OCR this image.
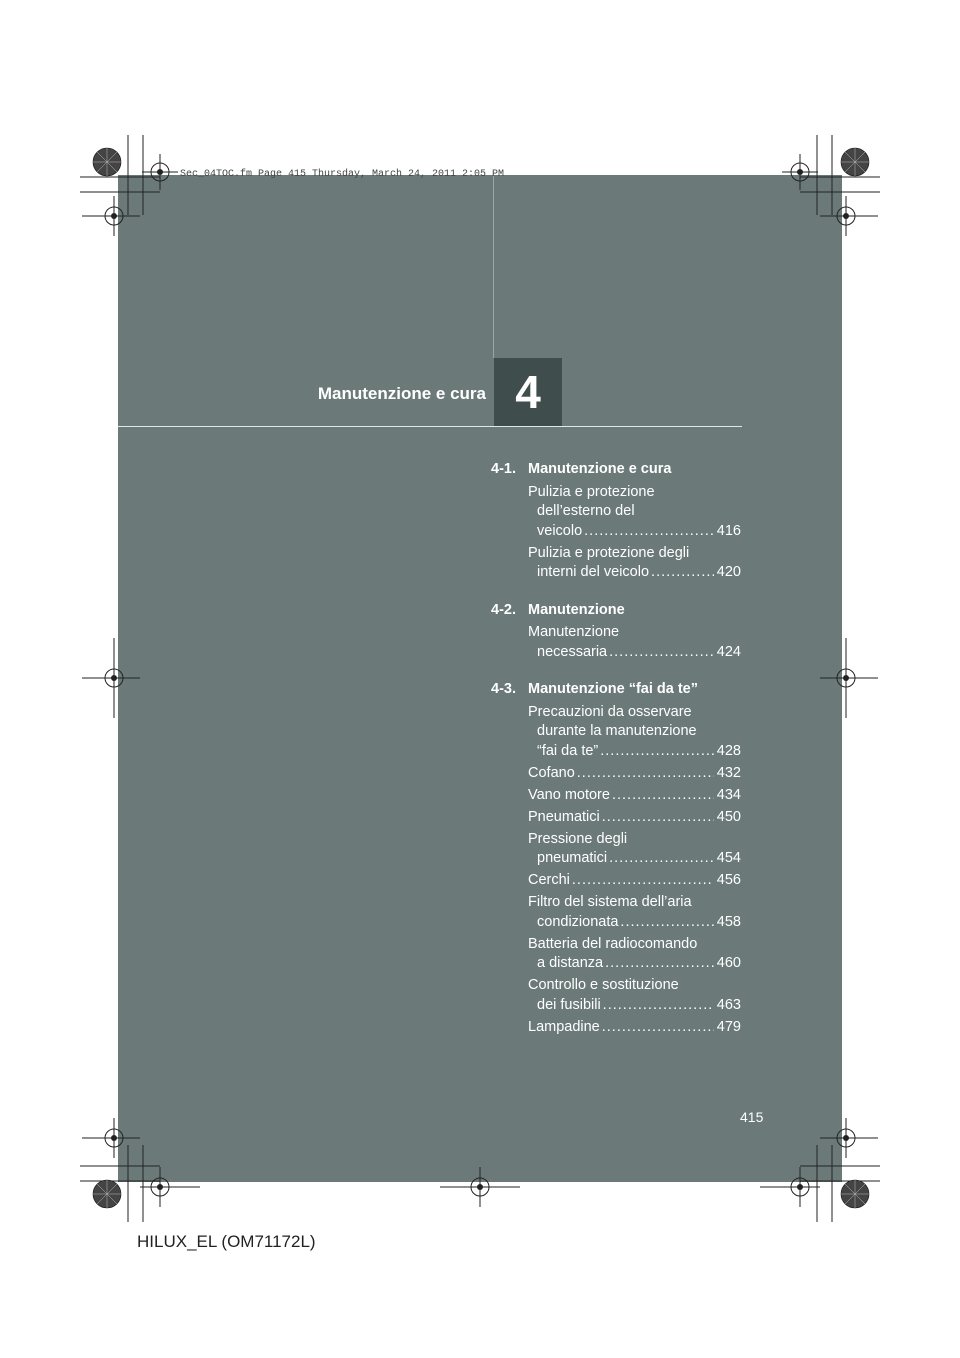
Sec_04TOC.fm Page 415 Thursday, March 24, 2011 2:05 PM
Manutenzione e cura 4
4-1. Manutenzione e cura
Pulizia e protezione
dell’esterno del
veicolo .....	416
Pulizia e protezione degli
interni del veicolo .....	420
4-2. Manutenzione
Manutenzione
necessaria .....	424
4-3. Manutenzione “fai da te”
Precauzioni da osservare
durante la manutenzione
“fai da te” .....	428
Cofano .....	432
Vano motore .....	434
Pneumatici .....	450
Pressione degli
pneumatici .....	454
Cerchi .....	456
Filtro del sistema dell’aria
condizionata .....	458
Batteria del radiocomando
a distanza .....	460
Controllo e sostituzione
dei fusibili .....	463
Lampadine .....	479
415
HILUX_EL (OM71172L)
